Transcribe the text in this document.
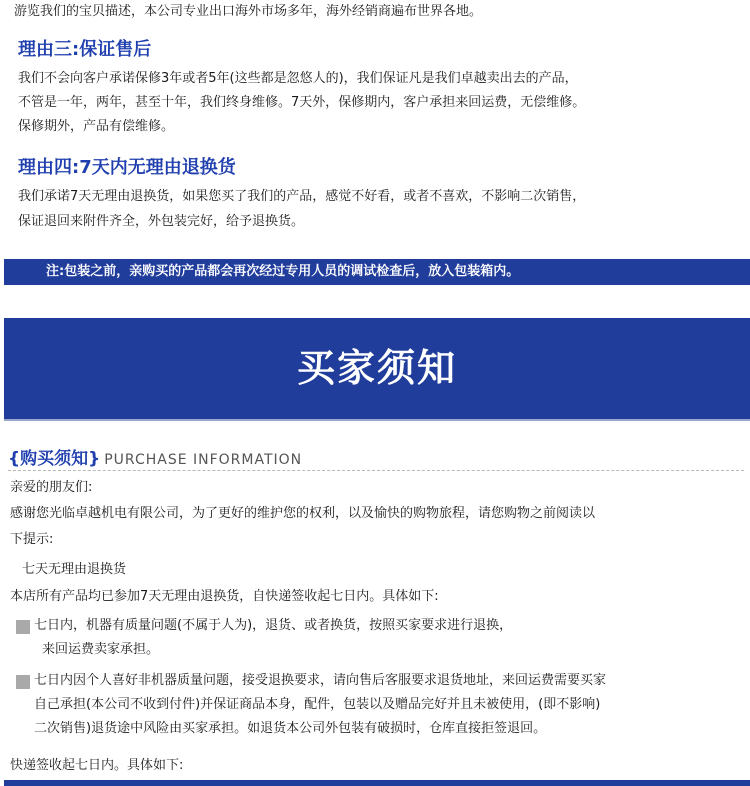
游览我们的宝贝描述，本公司专业出口海外市场多年，海外经销商遍布世界各地。
理由三:保证售后
我们不会向客户承诺保修3年或者5年(这些都是忽悠人的)，我们保证凡是我们卓越卖出去的产品，
不管是一年，两年，甚至十年，我们终身维修。7天外，保修期内，客户承担来回运费，无偿维修。
保修期外，产品有偿维修。
理由四:7天内无理由退换货
我们承诺7天无理由退换货，如果您买了我们的产品，感觉不好看，或者不喜欢，不影响二次销售，
保证退回来附件齐全，外包装完好，给予退换货。
注:包装之前，亲购买的产品都会再次经过专用人员的调试检查后，放入包装箱内。
买家须知
{购买须知} PURCHASE INFORMATION
亲爱的朋友们:
感谢您光临卓越机电有限公司，为了更好的维护您的权利，以及愉快的购物旅程，请您购物之前阅读以
下提示:
七天无理由退换货
本店所有产品均已参加7天无理由退换货，自快递签收起七日内。具体如下:
七日内，机器有质量问题(不属于人为)，退货、或者换货，按照买家要求进行退换，
来回运费卖家承担。
七日内因个人喜好非机器质量问题，接受退换要求，请向售后客服要求退货地址，来回运费需要买家
自己承担(本公司不收到付件)并保证商品本身，配件，包装以及赠品完好并且未被使用，(即不影响)
二次销售)退货途中风险由买家承担。如退货本公司外包装有破损时，仓库直接拒签退回。
快递签收起七日内。具体如下:
